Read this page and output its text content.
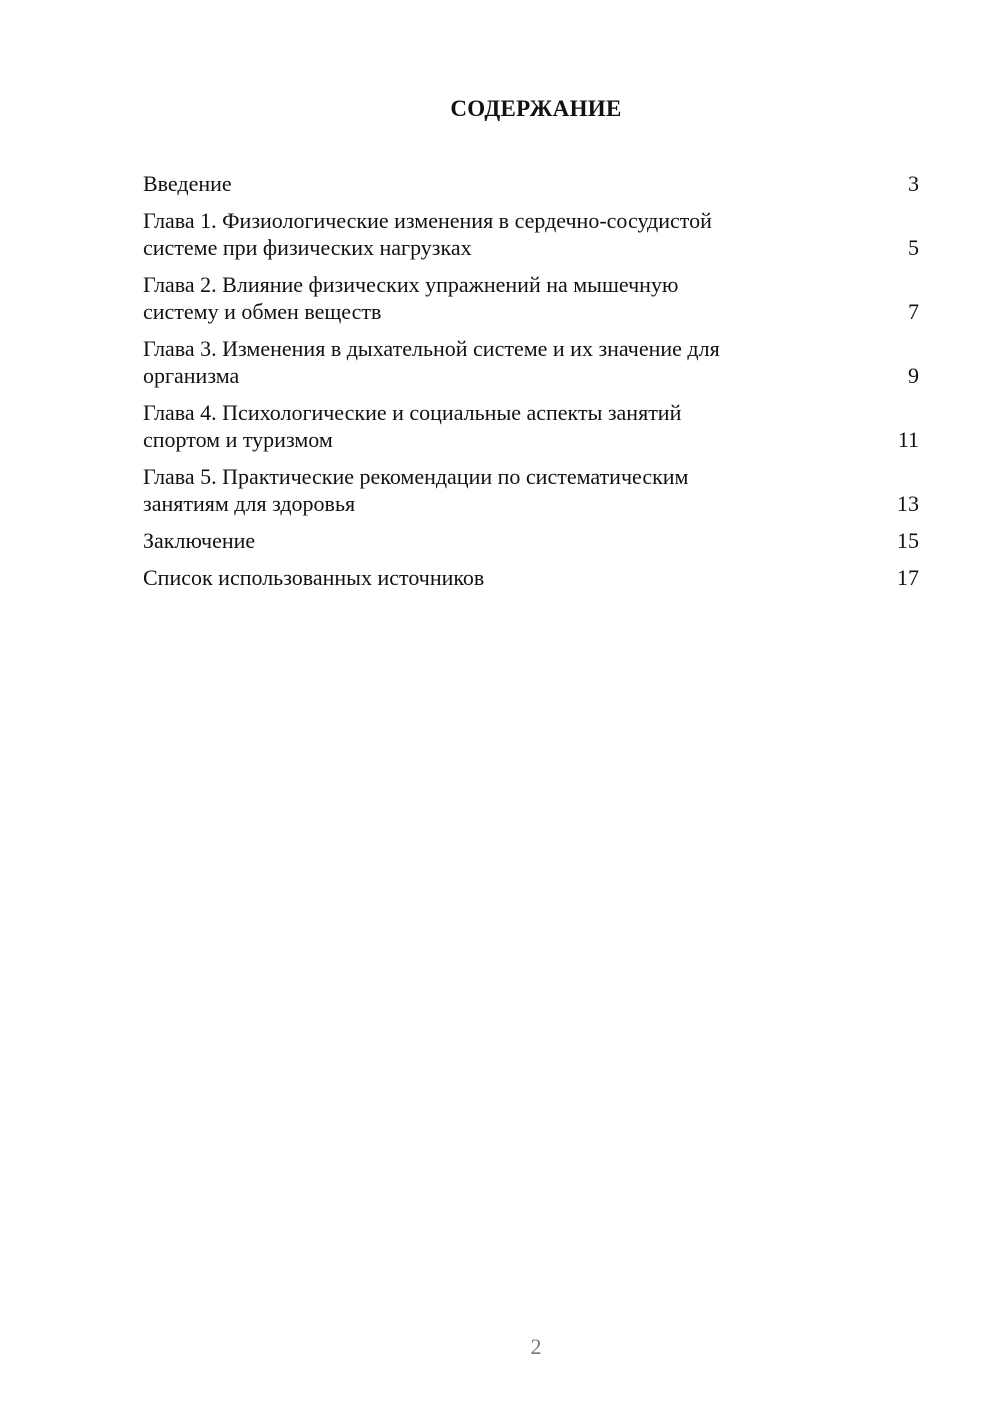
СОДЕРЖАНИЕ
Введение	3
Глава 1. Физиологические изменения в сердечно-сосудистой
системе при физических нагрузках	5
Глава 2. Влияние физических упражнений на мышечную
систему и обмен веществ	7
Глава 3. Изменения в дыхательной системе и их значение для
организма	9
Глава 4. Психологические и социальные аспекты занятий
спортом и туризмом	11
Глава 5. Практические рекомендации по систематическим
занятиям для здоровья	13
Заключение	15
Список использованных источников	17

2
